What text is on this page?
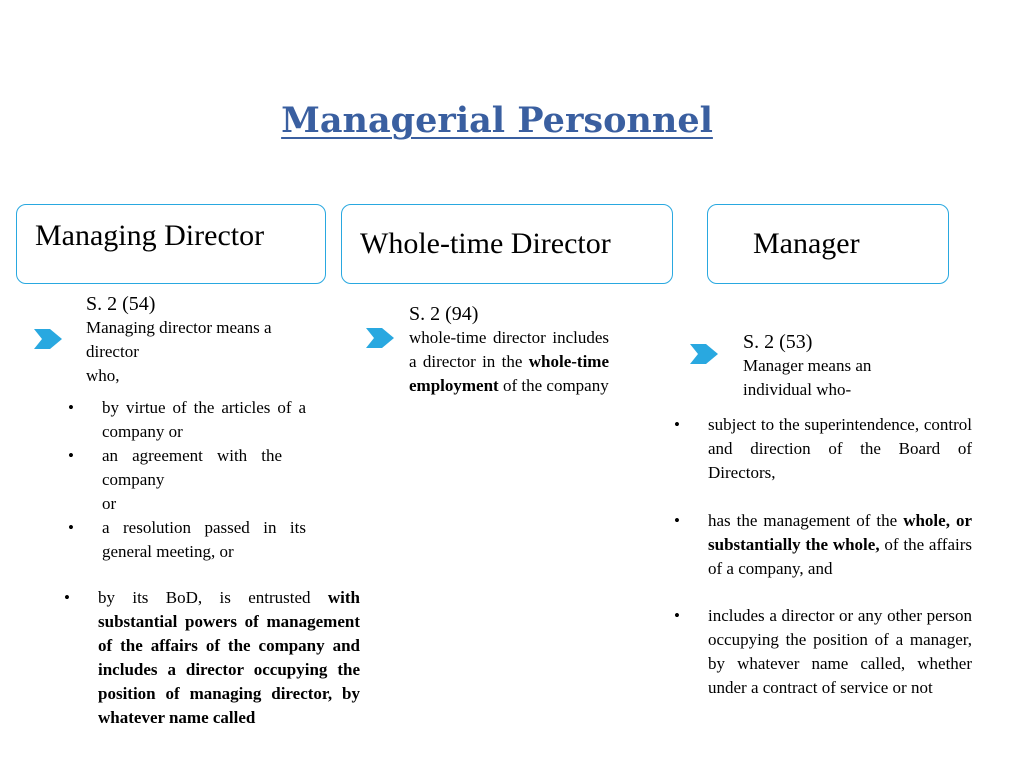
Managerial Personnel
Managing Director	Whole-time Director	Manager
S. 2 (54)
Managing director means a
director
who,
• by virtue of the articles of a company or
• an agreement with the company
or
• a resolution passed in its general meeting, or
• by its BoD, is entrusted with substantial powers of management of the affairs of the company and includes a director occupying the position of managing director, by whatever name called
S. 2 (94)
whole-time director includes a director in the whole-time employment of the company
S. 2 (53)
Manager means an individual who-
• subject to the superintendence, control and direction of the Board of Directors,
• has the management of the whole, or substantially the whole, of the affairs of a company, and
• includes a director or any other person occupying the position of a manager, by whatever name called, whether under a contract of service or not
